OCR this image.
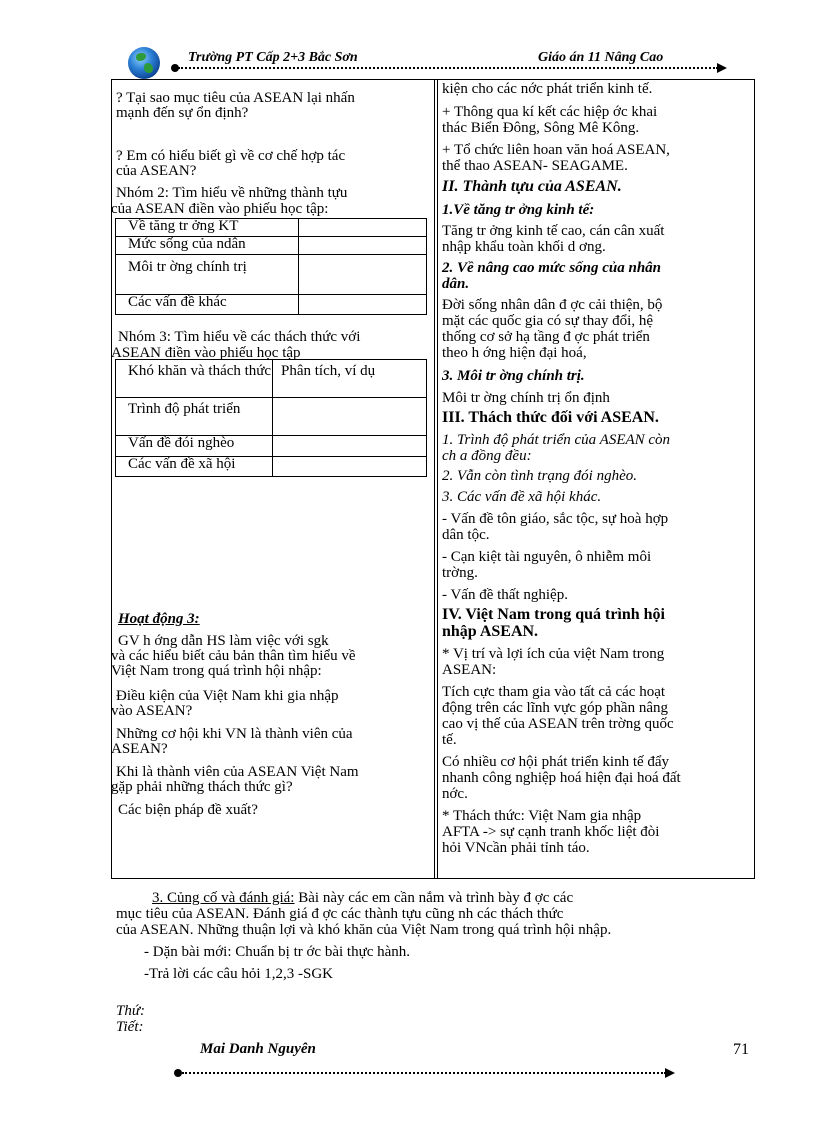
Trường PT Cấp 2+3 Bắc Sơn	Giáo án 11 Nâng Cao
? Tại sao mục tiêu của ASEAN lại nhấn
mạnh đến sự ổn định?
? Em có hiểu biết gì về cơ chế hợp tác
của ASEAN?
Nhóm 2: Tìm hiểu về những thành tựu
của ASEAN điền vào phiếu học tập:
Về tăng tr ởng KT	
Mức sống của ndân	
Môi tr ờng chính trị	
Các vấn đề khác	
Nhóm 3: Tìm hiểu về các thách thức với
ASEAN điền vào phiếu học tập
Khó khăn và thách thức	Phân tích, ví dụ
Trình độ phát triển	
Vấn đề đói nghèo	
Các vấn đề xã hội	
Hoạt động 3:
GV h ớng dẫn HS làm việc với sgk
và các hiểu biết cảu bản thân tìm hiểu về
Việt Nam trong quá trình hội nhập:
Điều kiện của Việt Nam khi gia nhập
vào ASEAN?
Những cơ hội khi VN là thành viên của
ASEAN?
Khi là thành viên của ASEAN Việt Nam
gặp phải những thách thức gì?
Các biện pháp đề xuất?
kiện cho các nớc phát triển kinh tế.
+ Thông qua kí kết các hiệp ớc khai
thác Biển Đông, Sông Mê Kông.
+ Tổ chức liên hoan văn hoá ASEAN,
thể thao ASEAN- SEAGAME.
II. Thành tựu của ASEAN.
1.Về tăng tr ởng kinh tế:
Tăng tr ởng kinh tế cao, cán cân xuất
nhập khẩu toàn khối d ơng.
2. Về nâng cao mức sống của nhân
dân.
Đời sống nhân dân đ ợc cải thiện, bộ
mặt các quốc gia có sự thay đổi, hệ
thống cơ sở hạ tầng đ ợc phát triển
theo h ớng hiện đại hoá,
3. Môi tr ờng chính trị.
Môi tr ờng chính trị ổn định
III. Thách thức đối với ASEAN.
1. Trình độ phát triển của ASEAN còn
ch a đồng đều:
2. Vẫn còn tình trạng đói nghèo.
3. Các vấn đề xã hội khác.
- Vấn đề tôn giáo, sắc tộc, sự hoà hợp
dân tộc.
- Cạn kiệt tài nguyên, ô nhiễm môi
trờng.
- Vấn đề thất nghiệp.
IV. Việt Nam trong quá trình hội
nhập ASEAN.
* Vị trí và lợi ích của việt Nam trong
ASEAN:
Tích cực tham gia vào tất cả các hoạt
động trên các lĩnh vực góp phần nâng
cao vị thế của ASEAN trên trờng quốc
tế.
Có nhiều cơ hội phát triển kinh tế đẩy
nhanh công nghiệp hoá hiện đại hoá đất
nớc.
* Thách thức: Việt Nam gia nhập
AFTA -> sự cạnh tranh khốc liệt đòi
hỏi VNcần phải tỉnh táo.
3. Củng cố và đánh giá: Bài này các em cần nắm và trình bày đ ợc các
mục tiêu của ASEAN. Đánh giá đ ợc các thành tựu cũng nh các thách thức
của ASEAN. Những thuận lợi và khó khăn của Việt Nam trong quá trình hội nhập.
- Dặn bài mới: Chuẩn bị tr ớc bài thực hành.
-Trả lời các câu hỏi 1,2,3 -SGK
Thứ:
Tiết:
Mai Danh Nguyên	71
